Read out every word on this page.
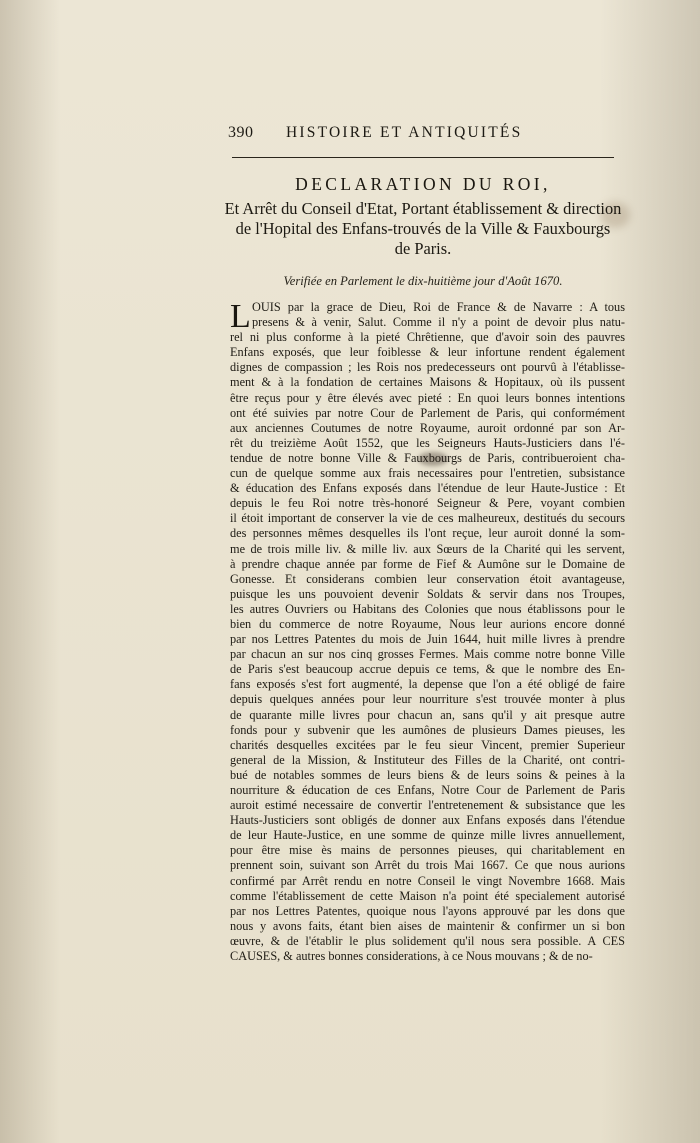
390 HISTOIRE ET ANTIQUITÉS
DECLARATION DU ROI,
Et Arrêt du Conseil d'Etat, Portant établissement & direction
de l'Hopital des Enfans-trouvés de la Ville & Fauxbourgs
de Paris.
Verifiée en Parlement le dix-huitième jour d'Août 1670.
L OUIS par la grace de Dieu, Roi de France & de Navarre : A tous
presens & à venir, Salut. Comme il n'y a point de devoir plus natu-
rel ni plus conforme à la pieté Chrêtienne, que d'avoir soin des pauvres
Enfans exposés, que leur foiblesse & leur infortune rendent également
dignes de compassion ; les Rois nos predecesseurs ont pourvû à l'établisse-
ment & à la fondation de certaines Maisons & Hopitaux, où ils pussent
être reçus pour y être élevés avec pieté : En quoi leurs bonnes intentions
ont été suivies par notre Cour de Parlement de Paris, qui conformément
aux anciennes Coutumes de notre Royaume, auroit ordonné par son Ar-
rêt du treizième Août 1552, que les Seigneurs Hauts-Justiciers dans l'é-
tendue de notre bonne Ville & Fauxbourgs de Paris, contribueroient cha-
cun de quelque somme aux frais necessaires pour l'entretien, subsistance
& éducation des Enfans exposés dans l'étendue de leur Haute-Justice : Et
depuis le feu Roi notre très-honoré Seigneur & Pere, voyant combien
il étoit important de conserver la vie de ces malheureux, destitués du secours
des personnes mêmes desquelles ils l'ont reçue, leur auroit donné la som-
me de trois mille liv. & mille liv. aux Sœurs de la Charité qui les servent,
à prendre chaque année par forme de Fief & Aumône sur le Domaine de
Gonesse. Et considerans combien leur conservation étoit avantageuse,
puisque les uns pouvoient devenir Soldats & servir dans nos Troupes,
les autres Ouvriers ou Habitans des Colonies que nous établissons pour le
bien du commerce de notre Royaume, Nous leur aurions encore donné
par nos Lettres Patentes du mois de Juin 1644, huit mille livres à prendre
par chacun an sur nos cinq grosses Fermes. Mais comme notre bonne Ville
de Paris s'est beaucoup accrue depuis ce tems, & que le nombre des En-
fans exposés s'est fort augmenté, la depense que l'on a été obligé de faire
depuis quelques années pour leur nourriture s'est trouvée monter à plus
de quarante mille livres pour chacun an, sans qu'il y ait presque autre
fonds pour y subvenir que les aumônes de plusieurs Dames pieuses, les
charités desquelles excitées par le feu sieur Vincent, premier Superieur
general de la Mission, & Instituteur des Filles de la Charité, ont contri-
bué de notables sommes de leurs biens & de leurs soins & peines à la
nourriture & éducation de ces Enfans, Notre Cour de Parlement de Paris
auroit estimé necessaire de convertir l'entretenement & subsistance que les
Hauts-Justiciers sont obligés de donner aux Enfans exposés dans l'étendue
de leur Haute-Justice, en une somme de quinze mille livres annuellement,
pour être mise ès mains de personnes pieuses, qui charitablement en
prennent soin, suivant son Arrêt du trois Mai 1667. Ce que nous aurions
confirmé par Arrêt rendu en notre Conseil le vingt Novembre 1668. Mais
comme l'établissement de cette Maison n'a point été specialement autorisé
par nos Lettres Patentes, quoique nous l'ayons approuvé par les dons que
nous y avons faits, étant bien aises de maintenir & confirmer un si bon
œuvre, & de l'établir le plus solidement qu'il nous sera possible. A CES
CAUSES, & autres bonnes considerations, à ce Nous mouvans ; & de no-
